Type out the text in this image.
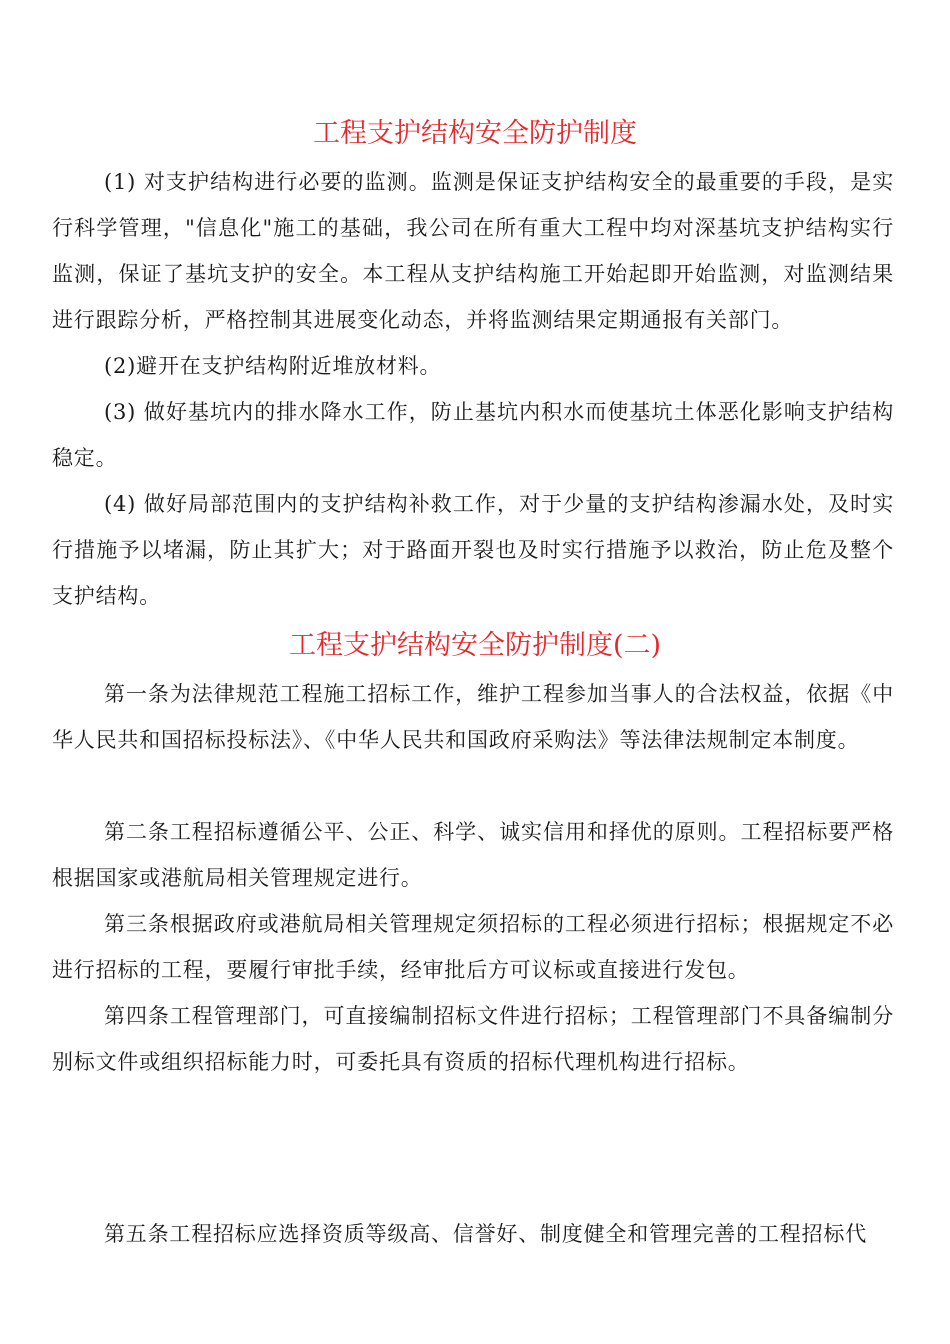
工程支护结构安全防护制度

(1) 对支护结构进行必要的监测。监测是保证支护结构安全的最重要的手段，是实行科学管理，"信息化"施工的基础，我公司在所有重大工程中均对深基坑支护结构实行监测，保证了基坑支护的安全。本工程从支护结构施工开始起即开始监测，对监测结果进行跟踪分析，严格控制其进展变化动态，并将监测结果定期通报有关部门。

(2)避开在支护结构附近堆放材料。

(3) 做好基坑内的排水降水工作，防止基坑内积水而使基坑土体恶化影响支护结构稳定。

(4) 做好局部范围内的支护结构补救工作，对于少量的支护结构渗漏水处，及时实行措施予以堵漏，防止其扩大；对于路面开裂也及时实行措施予以救治，防止危及整个支护结构。

工程支护结构安全防护制度(二)

第一条为法律规范工程施工招标工作，维护工程参加当事人的合法权益，依据《中华人民共和国招标投标法》、《中华人民共和国政府采购法》等法律法规制定本制度。

第二条工程招标遵循公平、公正、科学、诚实信用和择优的原则。工程招标要严格根据国家或港航局相关管理规定进行。

第三条根据政府或港航局相关管理规定须招标的工程必须进行招标；根据规定不必进行招标的工程，要履行审批手续，经审批后方可议标或直接进行发包。

第四条工程管理部门，可直接编制招标文件进行招标；工程管理部门不具备编制分别标文件或组织招标能力时，可委托具有资质的招标代理机构进行招标。

第五条工程招标应选择资质等级高、信誉好、制度健全和管理完善的工程招标代
